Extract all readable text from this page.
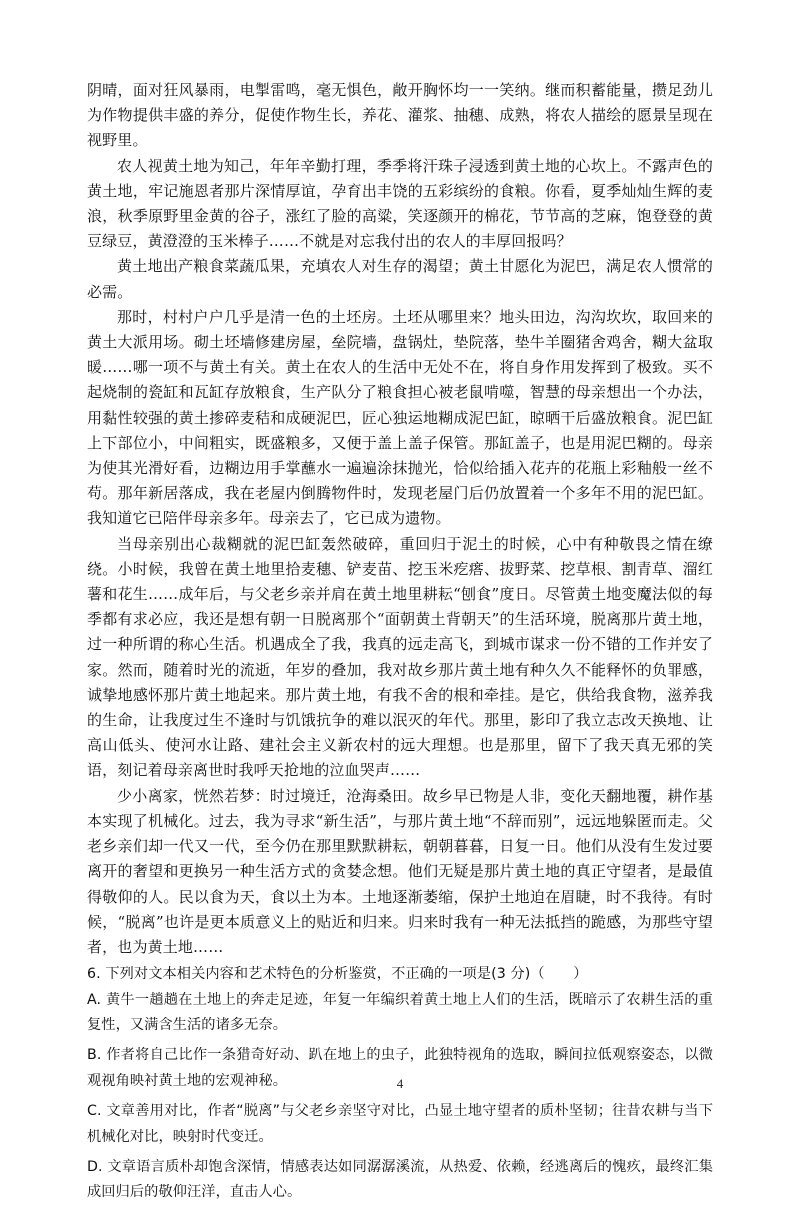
阴晴，面对狂风暴雨，电掣雷鸣，毫无惧色，敞开胸怀均一一笑纳。继而积蓄能量，攒足劲儿为作物提供丰盛的养分，促使作物生长，养花、灌浆、抽穗、成熟，将农人描绘的愿景呈现在视野里。

农人视黄土地为知己，年年辛勤打理，季季将汗珠子浸透到黄土地的心坎上。不露声色的黄土地，牢记施恩者那片深情厚谊，孕育出丰饶的五彩缤纷的食粮。你看，夏季灿灿生辉的麦浪，秋季原野里金黄的谷子，涨红了脸的高粱，笑逐颜开的棉花，节节高的芝麻，饱登登的黄豆绿豆，黄澄澄的玉米棒子……不就是对忘我付出的农人的丰厚回报吗？

黄土地出产粮食菜蔬瓜果，充填农人对生存的渴望；黄土甘愿化为泥巴，满足农人惯常的必需。

那时，村村户户几乎是清一色的土坯房。土坯从哪里来？地头田边，沟沟坎坎，取回来的黄土大派用场。砌土坯墙修建房屋，垒院墙，盘锅灶，垫院落，垫牛羊圈猪舍鸡舍，糊大盆取暖……哪一项不与黄土有关。黄土在农人的生活中无处不在，将自身作用发挥到了极致。买不起烧制的瓷缸和瓦缸存放粮食，生产队分了粮食担心被老鼠啃噬，智慧的母亲想出一个办法，用黏性较强的黄土掺碎麦秸和成硬泥巴，匠心独运地糊成泥巴缸，晾晒干后盛放粮食。泥巴缸上下部位小，中间粗实，既盛粮多，又便于盖上盖子保管。那缸盖子，也是用泥巴糊的。母亲为使其光滑好看，边糊边用手掌蘸水一遍遍涂抹抛光，恰似给插入花卉的花瓶上彩釉般一丝不苟。那年新居落成，我在老屋内倒腾物件时，发现老屋门后仍放置着一个多年不用的泥巴缸。我知道它已陪伴母亲多年。母亲去了，它已成为遗物。

当母亲别出心裁糊就的泥巴缸轰然破碎，重回归于泥土的时候，心中有种敬畏之情在缭绕。小时候，我曾在黄土地里拾麦穗、铲麦苗、挖玉米疙瘩、拔野菜、挖草根、割青草、溜红薯和花生……成年后，与父老乡亲并肩在黄土地里耕耘“刨食”度日。尽管黄土地变魔法似的每季都有求必应，我还是想有朝一日脱离那个“面朝黄土背朝天”的生活环境，脱离那片黄土地，过一种所谓的称心生活。机遇成全了我，我真的远走高飞，到城市谋求一份不错的工作并安了家。然而，随着时光的流逝，年岁的叠加，我对故乡那片黄土地有种久久不能释怀的负罪感，诚挚地感怀那片黄土地起来。那片黄土地，有我不舍的根和牵挂。是它，供给我食物，滋养我的生命，让我度过生不逢时与饥饿抗争的难以泯灭的年代。那里，影印了我立志改天换地、让高山低头、使河水让路、建社会主义新农村的远大理想。也是那里，留下了我天真无邪的笑语，刻记着母亲离世时我呼天抢地的泣血哭声……

少小离家，恍然若梦：时过境迁，沧海桑田。故乡早已物是人非，变化天翻地覆，耕作基本实现了机械化。过去，我为寻求“新生活”，与那片黄土地“不辞而别”，远远地躲匿而走。父老乡亲们却一代又一代，至今仍在那里默默耕耘，朝朝暮暮，日复一日。他们从没有生发过要离开的奢望和更换另一种生活方式的贪婪念想。他们无疑是那片黄土地的真正守望者，是最值得敬仰的人。民以食为天，食以土为本。土地逐渐萎缩，保护土地迫在眉睫，时不我待。有时候，“脱离”也许是更本质意义上的贴近和归来。归来时我有一种无法抵挡的跪感，为那些守望者，也为黄土地……

6. 下列对文本相关内容和艺术特色的分析鉴赏，不正确的一项是(3 分)（　　）

A. 黄牛一趟趟在土地上的奔走足迹，年复一年编织着黄土地上人们的生活，既暗示了农耕生活的重复性，又满含生活的诸多无奈。

B. 作者将自己比作一条猎奇好动、趴在地上的虫子，此独特视角的选取，瞬间拉低观察姿态，以微观视角映衬黄土地的宏观神秘。

C. 文章善用对比，作者“脱离”与父老乡亲坚守对比，凸显土地守望者的质朴坚韧；往昔农耕与当下机械化对比，映射时代变迁。

D. 文章语言质朴却饱含深情，情感表达如同潺潺溪流，从热爱、依赖，经逃离后的愧疚，最终汇集成回归后的敬仰汪洋，直击人心。

4
